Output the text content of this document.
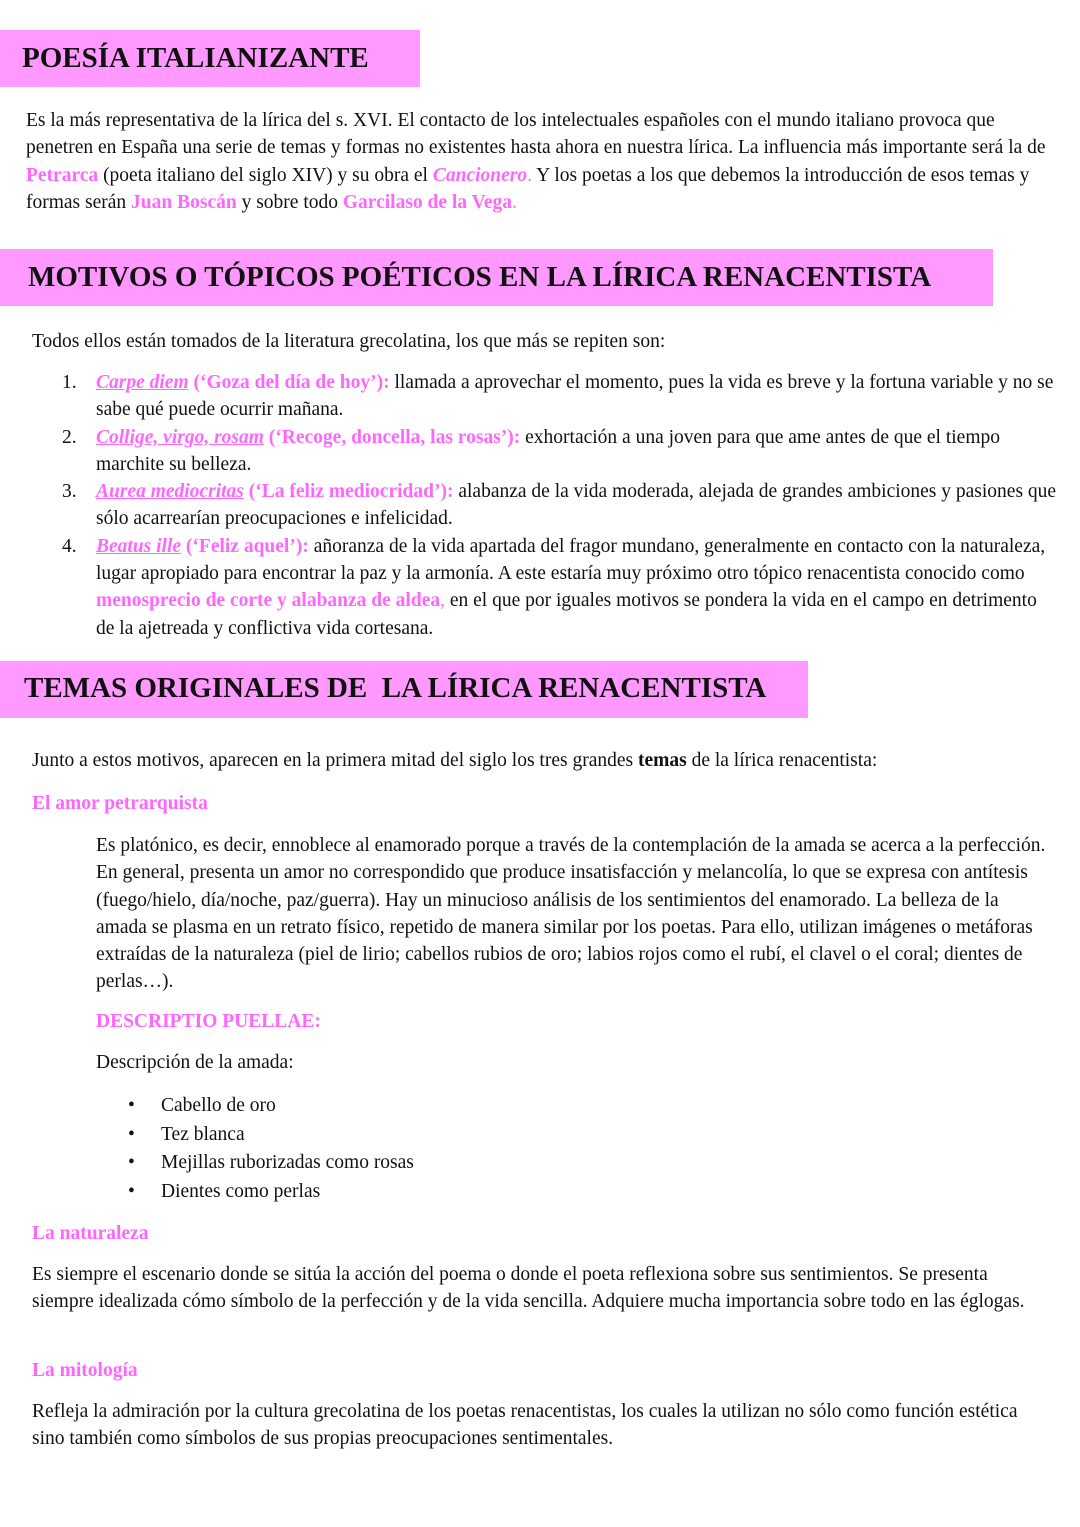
POESÍA ITALIANIZANTE

Es la más representativa de la lírica del s. XVI. El contacto de los intelectuales españoles con el mundo italiano provoca que penetren en España una serie de temas y formas no existentes hasta ahora en nuestra lírica. La influencia más importante será la de Petrarca (poeta italiano del siglo XIV) y su obra el Cancionero. Y los poetas a los que debemos la introducción de esos temas y formas serán Juan Boscán y sobre todo Garcilaso de la Vega.

MOTIVOS O TÓPICOS POÉTICOS EN LA LÍRICA RENACENTISTA

Todos ellos están tomados de la literatura grecolatina, los que más se repiten son:

1. Carpe diem (‘Goza del día de hoy’): llamada a aprovechar el momento, pues la vida es breve y la fortuna variable y no se sabe qué puede ocurrir mañana.
2. Collige, virgo, rosam (‘Recoge, doncella, las rosas’): exhortación a una joven para que ame antes de que el tiempo marchite su belleza.
3. Aurea mediocritas (‘La feliz mediocridad’): alabanza de la vida moderada, alejada de grandes ambiciones y pasiones que sólo acarrearían preocupaciones e infelicidad.
4. Beatus ille (‘Feliz aquel’): añoranza de la vida apartada del fragor mundano, generalmente en contacto con la naturaleza, lugar apropiado para encontrar la paz y la armonía. A este estaría muy próximo otro tópico renacentista conocido como menosprecio de corte y alabanza de aldea, en el que por iguales motivos se pondera la vida en el campo en detrimento de la ajetreada y conflictiva vida cortesana.
TEMAS ORIGINALES DE  LA LÍRICA RENACENTISTA

Junto a estos motivos, aparecen en la primera mitad del siglo los tres grandes temas de la lírica renacentista:

El amor petrarquista

Es platónico, es decir, ennoblece al enamorado porque a través de la contemplación de la amada se acerca a la perfección. En general, presenta un amor no correspondido que produce insatisfacción y melancolía, lo que se expresa con antítesis (fuego/hielo, día/noche, paz/guerra). Hay un minucioso análisis de los sentimientos del enamorado. La belleza de la amada se plasma en un retrato físico, repetido de manera similar por los poetas. Para ello, utilizan imágenes o metáforas extraídas de la naturaleza (piel de lirio; cabellos rubios de oro; labios rojos como el rubí, el clavel o el coral; dientes de perlas…).

DESCRIPTIO PUELLAE:

Descripción de la amada:

• Cabello de oro
• Tez blanca
• Mejillas ruborizadas como rosas
• Dientes como perlas
La naturaleza

Es siempre el escenario donde se sitúa la acción del poema o donde el poeta reflexiona sobre sus sentimientos. Se presenta siempre idealizada cómo símbolo de la perfección y de la vida sencilla. Adquiere mucha importancia sobre todo en las églogas.

La mitología

Refleja la admiración por la cultura grecolatina de los poetas renacentistas, los cuales la utilizan no sólo como función estética sino también como símbolos de sus propias preocupaciones sentimentales.
